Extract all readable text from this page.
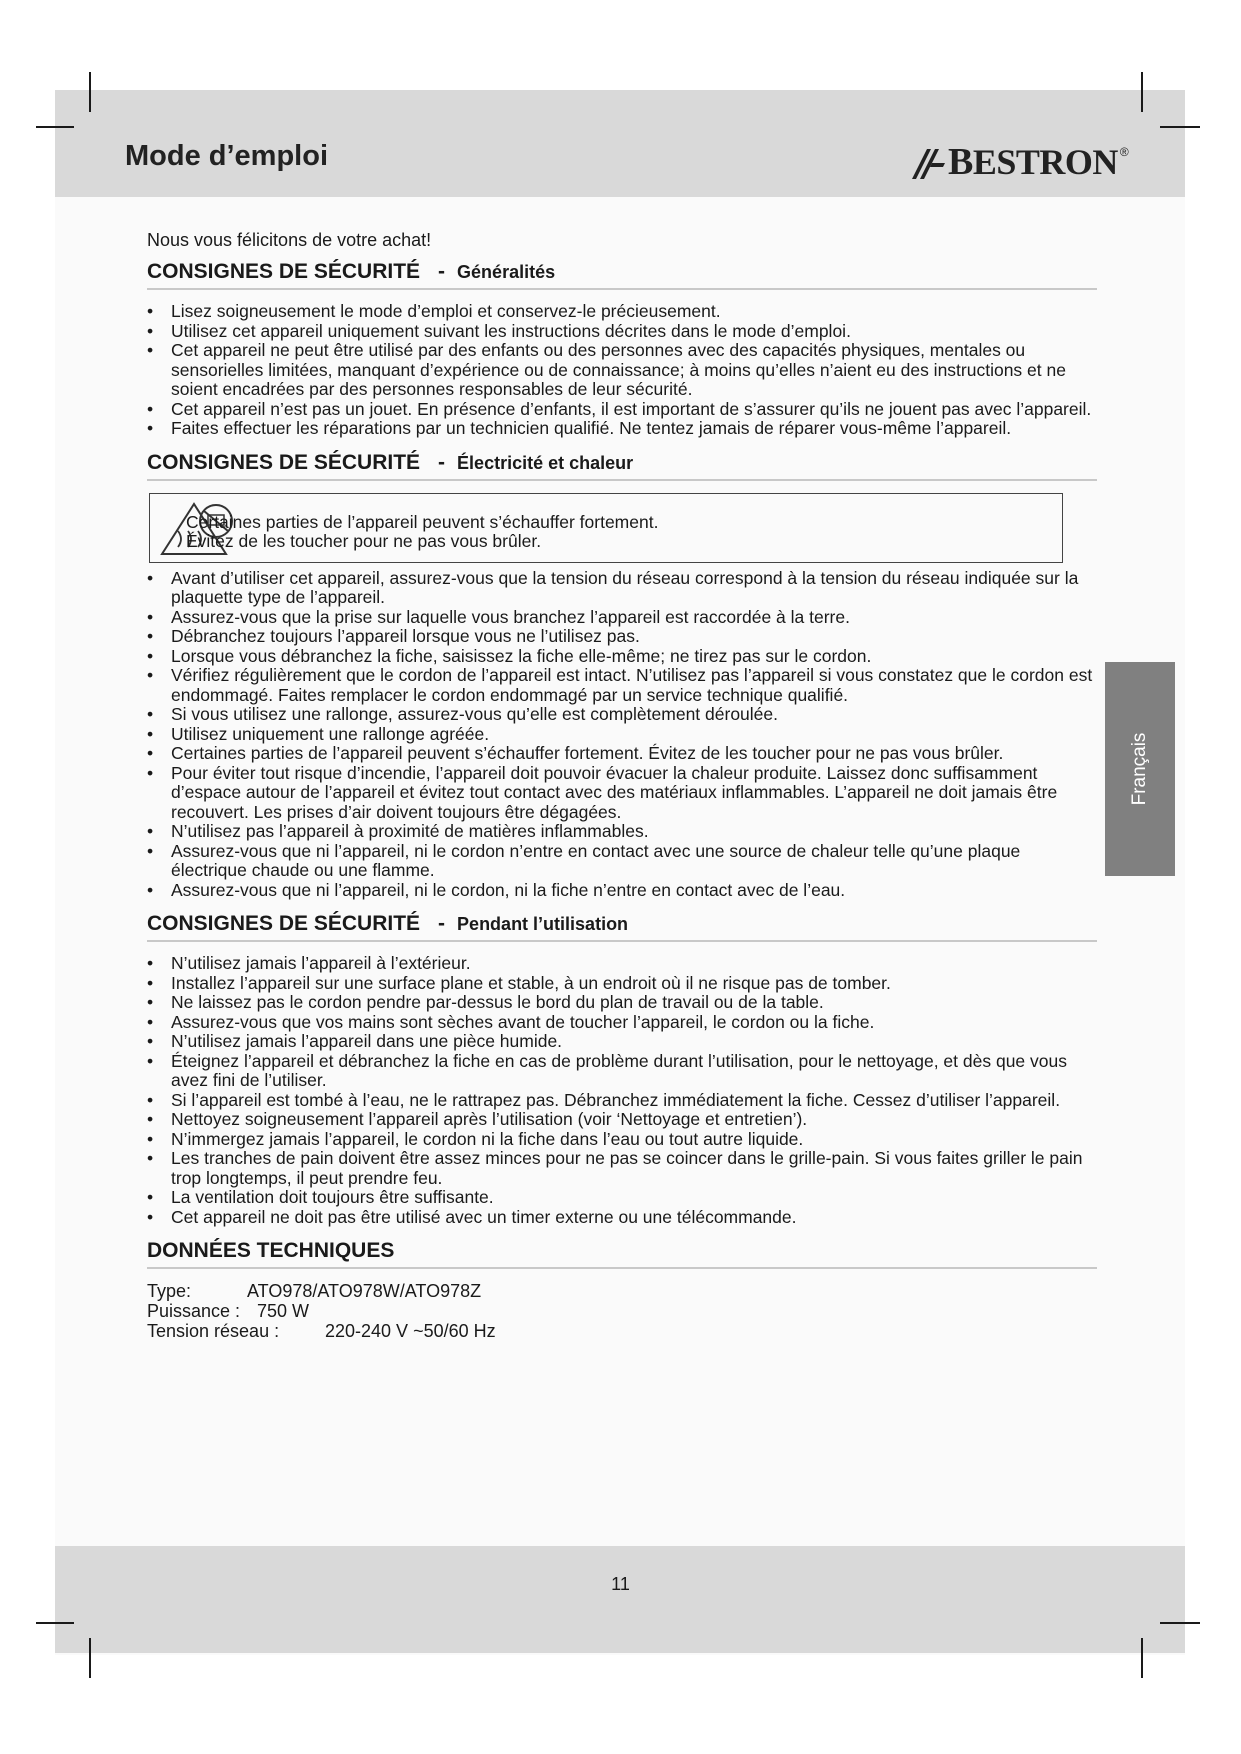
Mode d’emploi	BESTRON ®
Français

Nous vous félicitons de votre achat!

CONSIGNES DE SÉCURITÉ - Généralités
• Lisez soigneusement le mode d’emploi et conservez-le précieusement.
• Utilisez cet appareil uniquement suivant les instructions décrites dans le mode d’emploi.
• Cet appareil ne peut être utilisé par des enfants ou des personnes avec des capacités physiques, mentales ou sensorielles limitées, manquant d’expérience ou de connaissance; à moins qu’elles n’aient eu des instructions et ne soient encadrées par des personnes responsables de leur sécurité.
• Cet appareil n’est pas un jouet. En présence d’enfants, il est important de s’assurer qu’ils ne jouent pas avec l’appareil.
• Faites effectuer les réparations par un technicien qualifié. Ne tentez jamais de réparer vous-même l’appareil.
CONSIGNES DE SÉCURITÉ - Électricité et chaleur
Certaines parties de l’appareil peuvent s’échauffer fortement.
Évitez de les toucher pour ne pas vous brûler.
• Avant d’utiliser cet appareil, assurez-vous que la tension du réseau correspond à la tension du réseau indiquée sur la plaquette type de l’appareil.
• Assurez-vous que la prise sur laquelle vous branchez l’appareil est raccordée à la terre.
• Débranchez toujours l’appareil lorsque vous ne l’utilisez pas.
• Lorsque vous débranchez la fiche, saisissez la fiche elle-même; ne tirez pas sur le cordon.
• Vérifiez régulièrement que le cordon de l’appareil est intact. N’utilisez pas l’appareil si vous constatez que le cordon est endommagé. Faites remplacer le cordon endommagé par un service technique qualifié.
• Si vous utilisez une rallonge, assurez-vous qu’elle est complètement déroulée.
• Utilisez uniquement une rallonge agréée.
• Certaines parties de l’appareil peuvent s’échauffer fortement. Évitez de les toucher pour ne pas vous brûler.
• Pour éviter tout risque d’incendie, l’appareil doit pouvoir évacuer la chaleur produite. Laissez donc suffisamment d’espace autour de l’appareil et évitez tout contact avec des matériaux inflammables. L’appareil ne doit jamais être recouvert. Les prises d’air doivent toujours être dégagées.
• N’utilisez pas l’appareil à proximité de matières inflammables.
• Assurez-vous que ni l’appareil, ni le cordon n’entre en contact avec une source de chaleur telle qu’une plaque électrique chaude ou une flamme.
• Assurez-vous que ni l’appareil, ni le cordon, ni la fiche n’entre en contact avec de l’eau.
CONSIGNES DE SÉCURITÉ - Pendant l’utilisation
• N’utilisez jamais l’appareil à l’extérieur.
• Installez l’appareil sur une surface plane et stable, à un endroit où il ne risque pas de tomber.
• Ne laissez pas le cordon pendre par-dessus le bord du plan de travail ou de la table.
• Assurez-vous que vos mains sont sèches avant de toucher l’appareil, le cordon ou la fiche.
• N’utilisez jamais l’appareil dans une pièce humide.
• Éteignez l’appareil et débranchez la fiche en cas de problème durant l’utilisation, pour le nettoyage, et dès que vous avez fini de l’utiliser.
• Si l’appareil est tombé à l’eau, ne le rattrapez pas. Débranchez immédiatement la fiche. Cessez d’utiliser l’appareil.
• Nettoyez soigneusement l’appareil après l’utilisation (voir ‘Nettoyage et entretien’).
• N’immergez jamais l’appareil, le cordon ni la fiche dans l’eau ou tout autre liquide.
• Les tranches de pain doivent être assez minces pour ne pas se coincer dans le grille-pain. Si vous faites griller le pain trop longtemps, il peut prendre feu.
• La ventilation doit toujours être suffisante.
• Cet appareil ne doit pas être utilisé avec un timer externe ou une télécommande.
DONNÉES TECHNIQUES
Type:	ATO978/ATO978W/ATO978Z
Puissance : 750 W
Tension réseau :	220-240 V ~50/60 Hz
11
